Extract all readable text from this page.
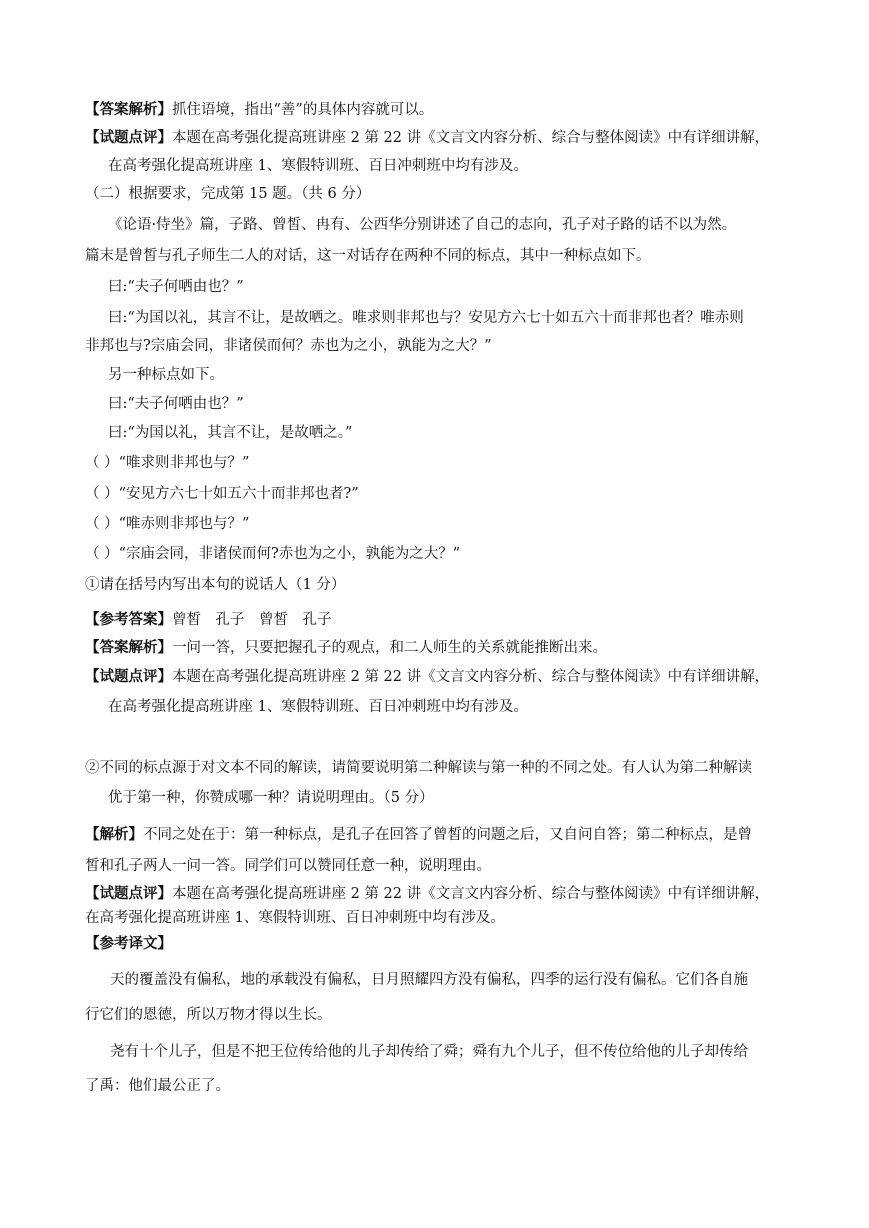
【答案解析】抓住语境，指出“善”的具体内容就可以。
【试题点评】本题在高考强化提高班讲座 2 第 22 讲《文言文内容分析、综合与整体阅读》中有详细讲解，
在高考强化提高班讲座 1、寒假特训班、百日冲刺班中均有涉及。
（二）根据要求，完成第 15 题。（共 6 分）
《论语·侍坐》篇，子路、曾皙、冉有、公西华分别讲述了自己的志向，孔子对子路的话不以为然。
篇末是曾皙与孔子师生二人的对话，这一对话存在两种不同的标点，其中一种标点如下。
曰:“夫子何哂由也？”
曰:“为国以礼，其言不让，是故哂之。唯求则非邦也与？安见方六七十如五六十而非邦也者？唯赤则
非邦也与?宗庙会同，非诸侯而何？赤也为之小，孰能为之大？”
另一种标点如下。
曰:“夫子何哂由也？”
曰:“为国以礼，其言不让，是故哂之。”
（ ）“唯求则非邦也与？”
（ ）“安见方六七十如五六十而非邦也者?”
（ ）“唯赤则非邦也与？”
（ ）“宗庙会同，非诸侯而何?赤也为之小，孰能为之大？”
①请在括号内写出本句的说话人（1 分）
【参考答案】曾皙　孔子　曾皙　孔子
【答案解析】一问一答，只要把握孔子的观点，和二人师生的关系就能推断出来。
【试题点评】本题在高考强化提高班讲座 2 第 22 讲《文言文内容分析、综合与整体阅读》中有详细讲解，
在高考强化提高班讲座 1、寒假特训班、百日冲刺班中均有涉及。
②不同的标点源于对文本不同的解读，请简要说明第二种解读与第一种的不同之处。有人认为第二种解读
优于第一种，你赞成哪一种？请说明理由。（5 分）
【解析】不同之处在于：第一种标点，是孔子在回答了曾皙的问题之后，又自问自答；第二种标点，是曾
皙和孔子两人一问一答。同学们可以赞同任意一种，说明理由。
【试题点评】本题在高考强化提高班讲座 2 第 22 讲《文言文内容分析、综合与整体阅读》中有详细讲解，
在高考强化提高班讲座 1、寒假特训班、百日冲刺班中均有涉及。
【参考译文】
天的覆盖没有偏私，地的承载没有偏私，日月照耀四方没有偏私，四季的运行没有偏私。它们各自施
行它们的恩德，所以万物才得以生长。
尧有十个儿子，但是不把王位传给他的儿子却传给了舜；舜有九个儿子，但不传位给他的儿子却传给
了禹：他们最公正了。
